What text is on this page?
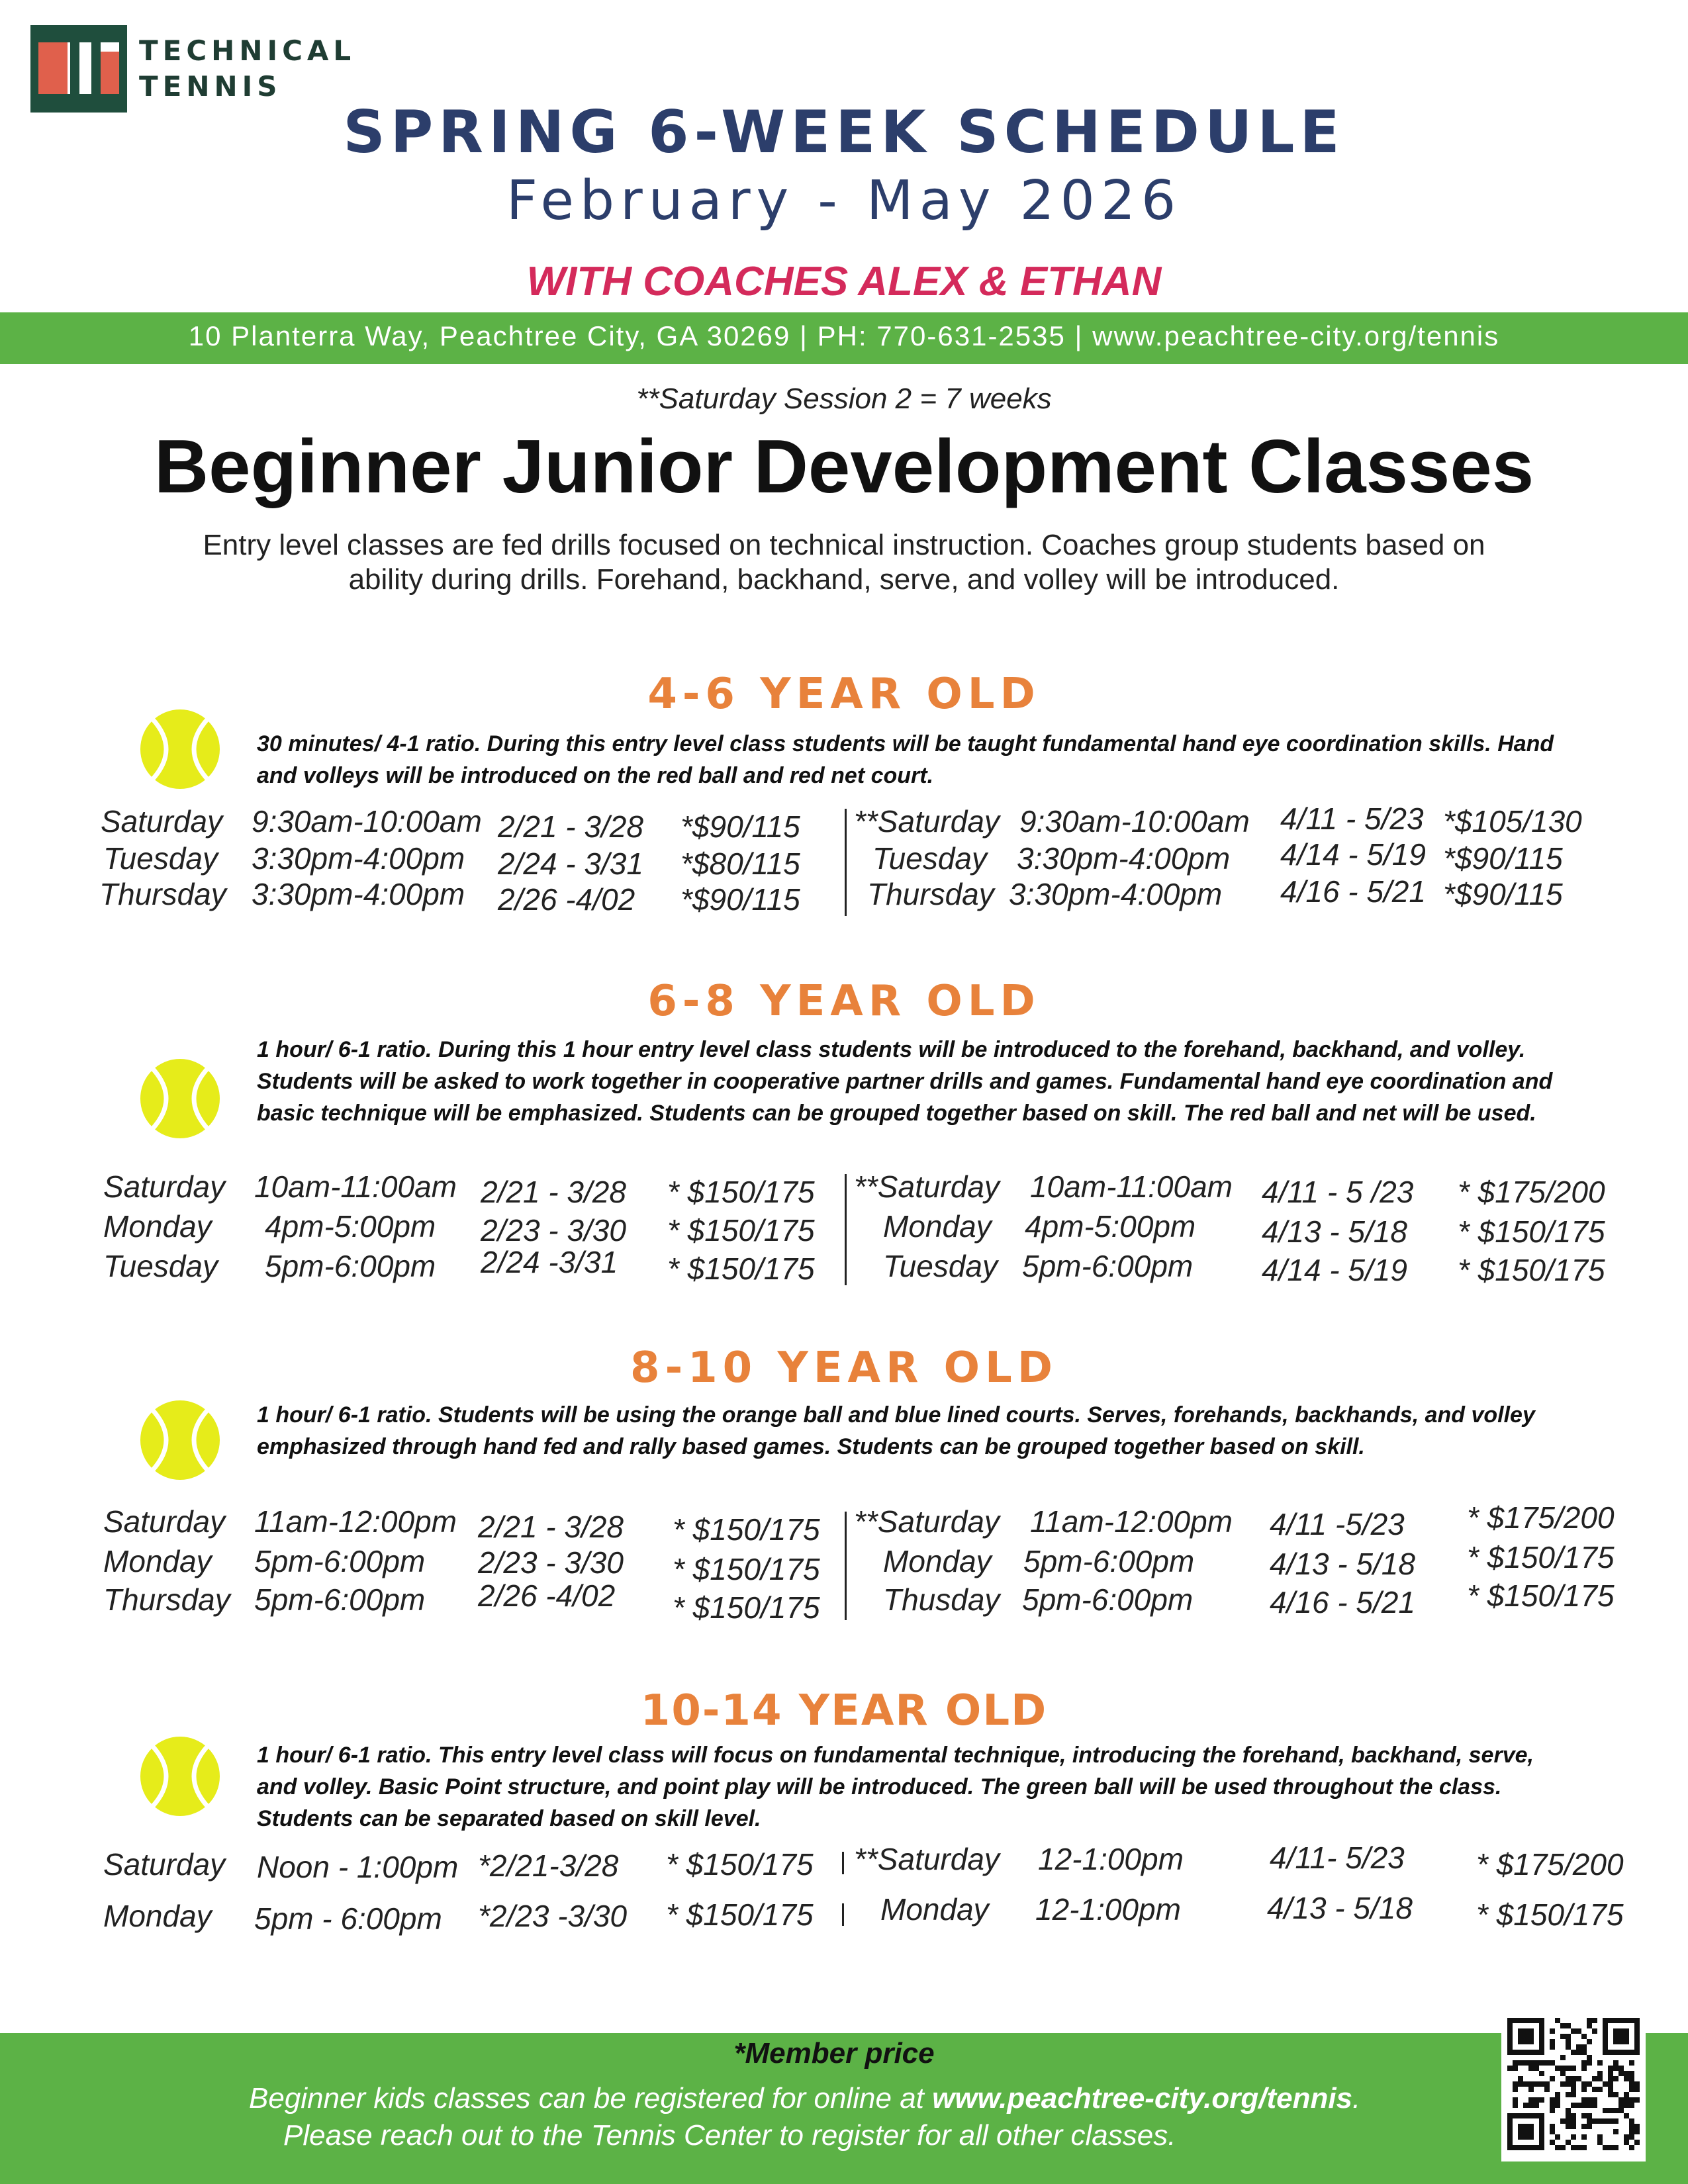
TECHNICAL
TENNIS
SPRING 6-WEEK SCHEDULE
February - May 2026
WITH COACHES ALEX & ETHAN
10 Planterra Way, Peachtree City, GA 30269 | PH: 770-631-2535 | www.peachtree-city.org/tennis
**Saturday Session 2 = 7 weeks
Beginner Junior Development Classes
Entry level classes are fed drills focused on technical instruction. Coaches group students based on
ability during drills. Forehand, backhand, serve, and volley will be introduced.
4-6 YEAR OLD
30 minutes/ 4-1 ratio. During this entry level class students will be taught fundamental hand eye coordination skills. Hand and volleys will be introduced on the red ball and red net court.
Saturday 9:30am-10:00am 2/21 - 3/28 *$90/115
Tuesday 3:30pm-4:00pm 2/24 - 3/31 *$80/115
Thursday 3:30pm-4:00pm 2/26 -4/02 *$90/115
**Saturday 9:30am-10:00am 4/11 - 5/23 *$105/130
Tuesday 3:30pm-4:00pm 4/14 - 5/19 *$90/115
Thursday 3:30pm-4:00pm 4/16 - 5/21 *$90/115
6-8 YEAR OLD
1 hour/ 6-1 ratio. During this 1 hour entry level class students will be introduced to the forehand, backhand, and volley. Students will be asked to work together in cooperative partner drills and games. Fundamental hand eye coordination and basic technique will be emphasized. Students can be grouped together based on skill. The red ball and net will be used.
Saturday 10am-11:00am 2/21 - 3/28 * $150/175
Monday 4pm-5:00pm 2/23 - 3/30 * $150/175
Tuesday 5pm-6:00pm 2/24 -3/31 * $150/175
**Saturday 10am-11:00am 4/11 - 5 /23 * $175/200
Monday 4pm-5:00pm 4/13 - 5/18 * $150/175
Tuesday 5pm-6:00pm 4/14 - 5/19 * $150/175
8-10 YEAR OLD
1 hour/ 6-1 ratio. Students will be using the orange ball and blue lined courts. Serves, forehands, backhands, and volley emphasized through hand fed and rally based games. Students can be grouped together based on skill.
Saturday 11am-12:00pm 2/21 - 3/28 * $150/175
Monday 5pm-6:00pm 2/23 - 3/30 * $150/175
Thursday 5pm-6:00pm 2/26 -4/02 * $150/175
**Saturday 11am-12:00pm 4/11 -5/23 * $175/200
Monday 5pm-6:00pm 4/13 - 5/18 * $150/175
Thusday 5pm-6:00pm	4/16 - 5/21 * $150/175
10-14 YEAR OLD
1 hour/ 6-1 ratio. This entry level class will focus on fundamental technique, introducing the forehand, backhand, serve, and volley. Basic Point structure, and point play will be introduced. The green ball will be used throughout the class. Students can be separated based on skill level.
Saturday Noon - 1:00pm *2/21-3/28 * $150/175
Monday 5pm - 6:00pm *2/23 -3/30 * $150/175
**Saturday 12-1:00pm	4/11- 5/23 * $175/200
Monday 12-1:00pm	4/13 - 5/18 * $150/175
*Member price
Beginner kids classes can be registered for online at www.peachtree-city.org/tennis.
Please reach out to the Tennis Center to register for all other classes.
